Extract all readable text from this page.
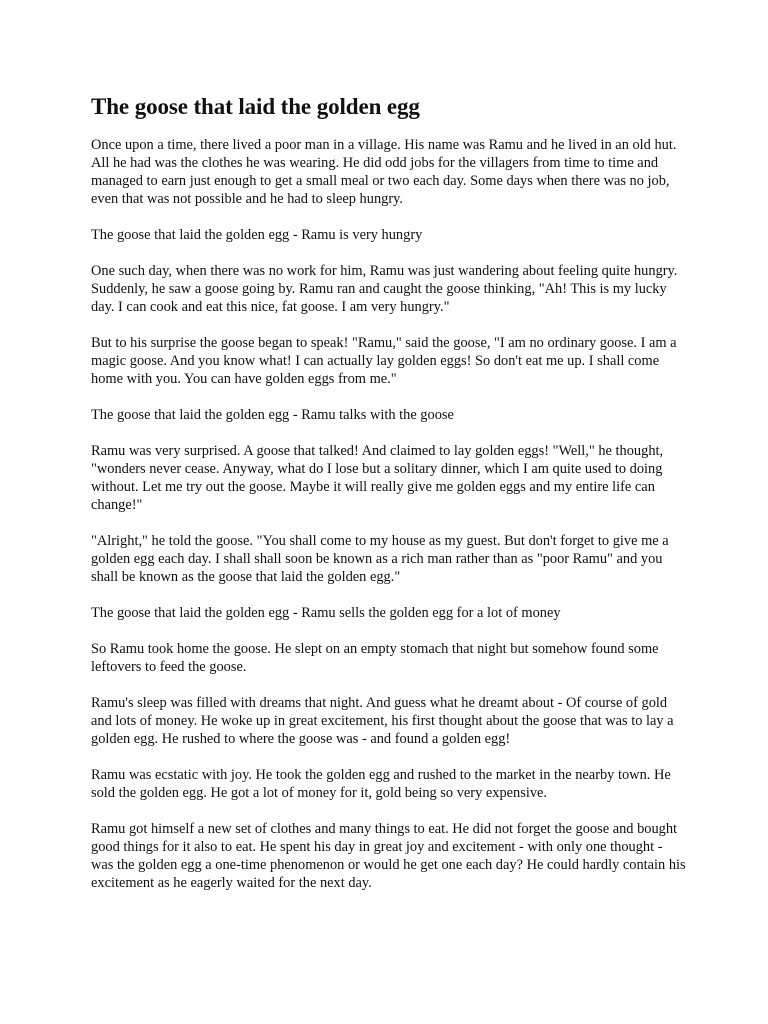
The goose that laid the golden egg

Once upon a time, there lived a poor man in a village. His name was Ramu and he lived in an old hut. All he had was the clothes he was wearing. He did odd jobs for the villagers from time to time and managed to earn just enough to get a small meal or two each day. Some days when there was no job, even that was not possible and he had to sleep hungry.

The goose that laid the golden egg - Ramu is very hungry

One such day, when there was no work for him, Ramu was just wandering about feeling quite hungry. Suddenly, he saw a goose going by. Ramu ran and caught the goose thinking, "Ah! This is my lucky day. I can cook and eat this nice, fat goose. I am very hungry."

But to his surprise the goose began to speak! "Ramu," said the goose, "I am no ordinary goose. I am a magic goose. And you know what! I can actually lay golden eggs! So don't eat me up. I shall come home with you. You can have golden eggs from me."

The goose that laid the golden egg - Ramu talks with the goose

Ramu was very surprised. A goose that talked! And claimed to lay golden eggs! "Well," he thought, "wonders never cease. Anyway, what do I lose but a solitary dinner, which I am quite used to doing without. Let me try out the goose. Maybe it will really give me golden eggs and my entire life can change!"

"Alright," he told the goose. "You shall come to my house as my guest. But don't forget to give me a golden egg each day. I shall shall soon be known as a rich man rather than as "poor Ramu" and you shall be known as the goose that laid the golden egg."

The goose that laid the golden egg - Ramu sells the golden egg for a lot of money

So Ramu took home the goose. He slept on an empty stomach that night but somehow found some leftovers to feed the goose.

Ramu's sleep was filled with dreams that night. And guess what he dreamt about - Of course of gold and lots of money. He woke up in great excitement, his first thought about the goose that was to lay a golden egg. He rushed to where the goose was - and found a golden egg!

Ramu was ecstatic with joy. He took the golden egg and rushed to the market in the nearby town. He sold the golden egg. He got a lot of money for it, gold being so very expensive.

Ramu got himself a new set of clothes and many things to eat. He did not forget the goose and bought good things for it also to eat. He spent his day in great joy and excitement - with only one thought - was the golden egg a one-time phenomenon or would he get one each day? He could hardly contain his excitement as he eagerly waited for the next day.
